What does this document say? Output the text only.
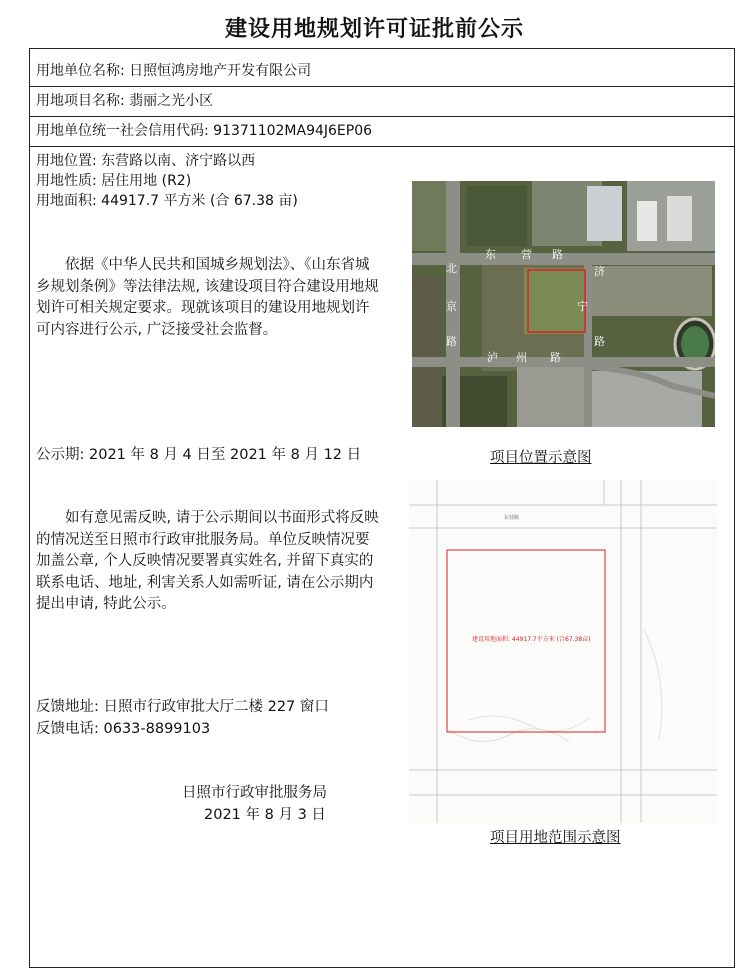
建设用地规划许可证批前公示
用地单位名称: 日照恒鸿房地产开发有限公司
用地项目名称: 翡丽之光小区
用地单位统一社会信用代码: 91371102MA94J6EP06
用地位置: 东营路以南、济宁路以西
用地性质: 居住用地 (R2)
用地面积: 44917.7 平方米 (合 67.38 亩)
依据《中华人民共和国城乡规划法》、《山东省城乡规划条例》等法律法规, 该建设项目符合建设用地规划许可相关规定要求。现就该项目的建设用地规划许可内容进行公示, 广泛接受社会监督。
公示期: 2021 年 8 月 4 日至 2021 年 8 月 12 日
如有意见需反映, 请于公示期间以书面形式将反映的情况送至日照市行政审批服务局。单位反映情况要加盖公章, 个人反映情况要署真实姓名, 并留下真实的联系电话、地址, 利害关系人如需听证, 请在公示期内提出申请, 特此公示。
反馈地址: 日照市行政审批大厅二楼 227 窗口
反馈电话: 0633-8899103
日照市行政审批服务局
2021 年 8 月 3 日
北
京
路
东 营 路
济
宁
路
泸 州 路
项目位置示意图
东营路
建设用地面积: 44917.7平方米 (合67.38亩)
项目用地范围示意图
